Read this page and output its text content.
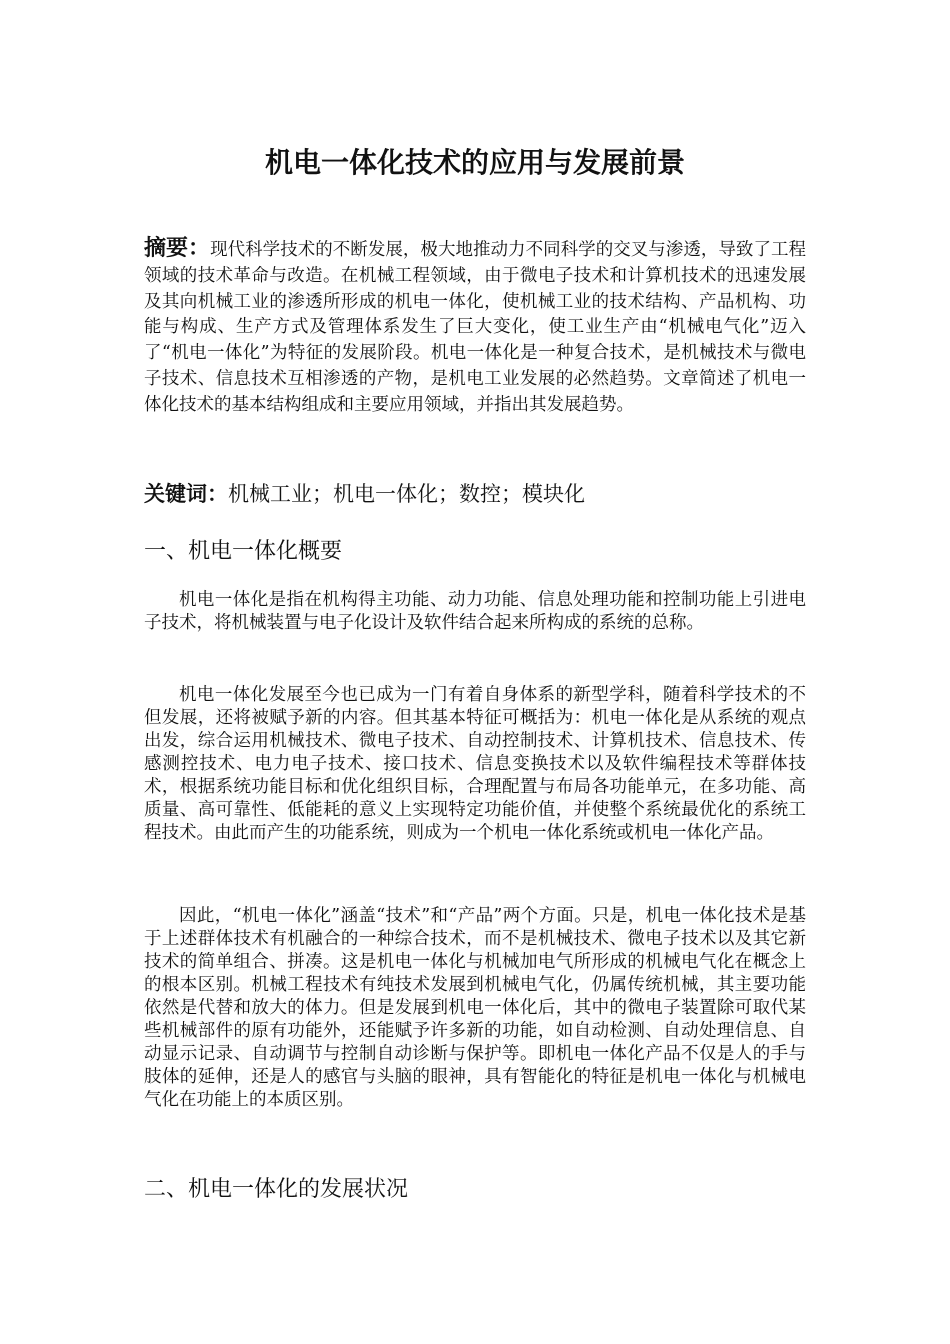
机电一体化技术的应用与发展前景
摘要：现代科学技术的不断发展，极大地推动力不同科学的交叉与渗透，导致了工程领域的技术革命与改造。在机械工程领域，由于微电子技术和计算机技术的迅速发展及其向机械工业的渗透所形成的机电一体化，使机械工业的技术结构、产品机构、功能与构成、生产方式及管理体系发生了巨大变化，使工业生产由“机械电气化”迈入了“机电一体化”为特征的发展阶段。机电一体化是一种复合技术，是机械技术与微电子技术、信息技术互相渗透的产物，是机电工业发展的必然趋势。文章简述了机电一体化技术的基本结构组成和主要应用领域，并指出其发展趋势。
关键词：机械工业；机电一体化；数控；模块化
一、机电一体化概要

机电一体化是指在机构得主功能、动力功能、信息处理功能和控制功能上引进电子技术，将机械装置与电子化设计及软件结合起来所构成的系统的总称。

机电一体化发展至今也已成为一门有着自身体系的新型学科，随着科学技术的不但发展，还将被赋予新的内容。但其基本特征可概括为：机电一体化是从系统的观点出发，综合运用机械技术、微电子技术、自动控制技术、计算机技术、信息技术、传感测控技术、电力电子技术、接口技术、信息变换技术以及软件编程技术等群体技术，根据系统功能目标和优化组织目标，合理配置与布局各功能单元，在多功能、高质量、高可靠性、低能耗的意义上实现特定功能价值，并使整个系统最优化的系统工程技术。由此而产生的功能系统，则成为一个机电一体化系统或机电一体化产品。

因此，“机电一体化”涵盖“技术”和“产品”两个方面。只是，机电一体化技术是基于上述群体技术有机融合的一种综合技术，而不是机械技术、微电子技术以及其它新技术的简单组合、拼凑。这是机电一体化与机械加电气所形成的机械电气化在概念上的根本区别。机械工程技术有纯技术发展到机械电气化，仍属传统机械，其主要功能依然是代替和放大的体力。但是发展到机电一体化后，其中的微电子装置除可取代某些机械部件的原有功能外，还能赋予许多新的功能，如自动检测、自动处理信息、自动显示记录、自动调节与控制自动诊断与保护等。即机电一体化产品不仅是人的手与肢体的延伸，还是人的感官与头脑的眼神，具有智能化的特征是机电一体化与机械电气化在功能上的本质区别。

二、机电一体化的发展状况
